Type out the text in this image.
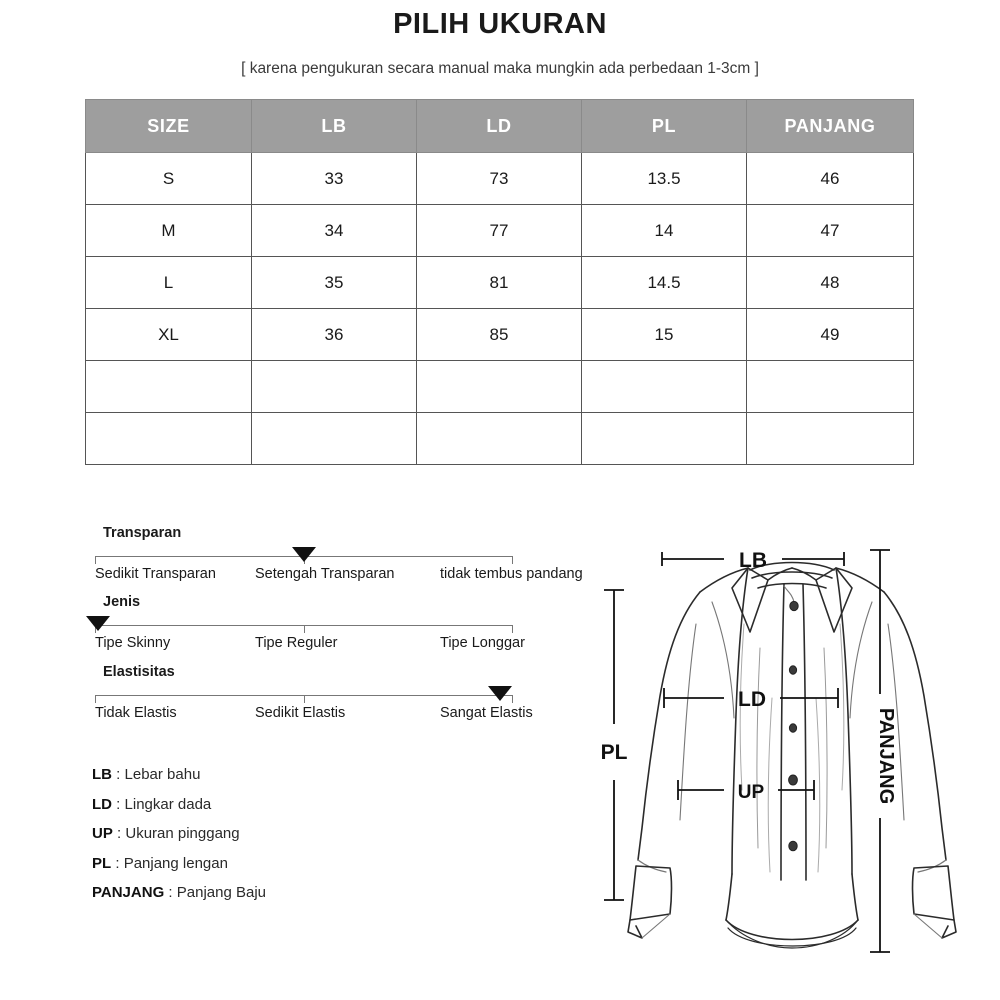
PILIH UKURAN
[ karena pengukuran secara manual maka mungkin ada perbedaan 1-3cm ]
SIZE	LB	LD	PL	PANJANG
S	33	73	13.5	46
M	34	77	14	47
L	35	81	14.5	48
XL	36	85	15	49

Transparan
Sedikit Transparan	Setengah Transparan	tidak tembus pandang
Jenis
Tipe Skinny	Tipe Reguler	Tipe Longgar
Elastisitas
Tidak Elastis	Sedikit Elastis	Sangat Elastis
LB : Lebar bahu
LD : Lingkar dada
UP : Ukuran pinggang
PL : Panjang lengan
PANJANG : Panjang Baju
LB
LD
UP
PL	PANJANG
